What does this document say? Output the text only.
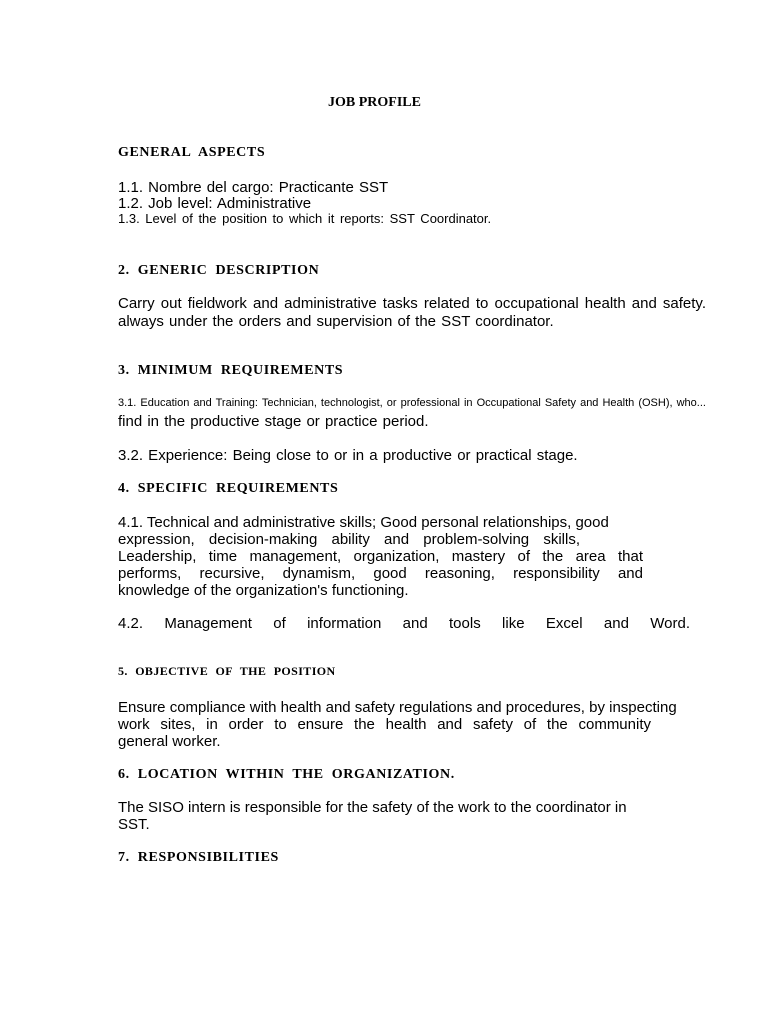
JOB PROFILE
GENERAL ASPECTS
1.1. Nombre del cargo: Practicante SST
1.2. Job level: Administrative
1.3. Level of the position to which it reports: SST Coordinator.
2. GENERIC DESCRIPTION
Carry out fieldwork and administrative tasks related to occupational health and safety.
always under the orders and supervision of the SST coordinator.
3. MINIMUM REQUIREMENTS
3.1. Education and Training: Technician, technologist, or professional in Occupational Safety and Health (OSH), who...
find in the productive stage or practice period.
3.2. Experience: Being close to or in a productive or practical stage.
4. SPECIFIC REQUIREMENTS
4.1. Technical and administrative skills; Good personal relationships, good
expression, decision-making ability and problem-solving skills,
Leadership, time management, organization, mastery of the area that
performs, recursive, dynamism, good reasoning, responsibility and
knowledge of the organization's functioning.
4.2. Management of information and tools like Excel and Word.
5. OBJECTIVE OF THE POSITION
Ensure compliance with health and safety regulations and procedures, by inspecting
work sites, in order to ensure the health and safety of the community
general worker.
6. LOCATION WITHIN THE ORGANIZATION.
The SISO intern is responsible for the safety of the work to the coordinator in
SST.
7. RESPONSIBILITIES
